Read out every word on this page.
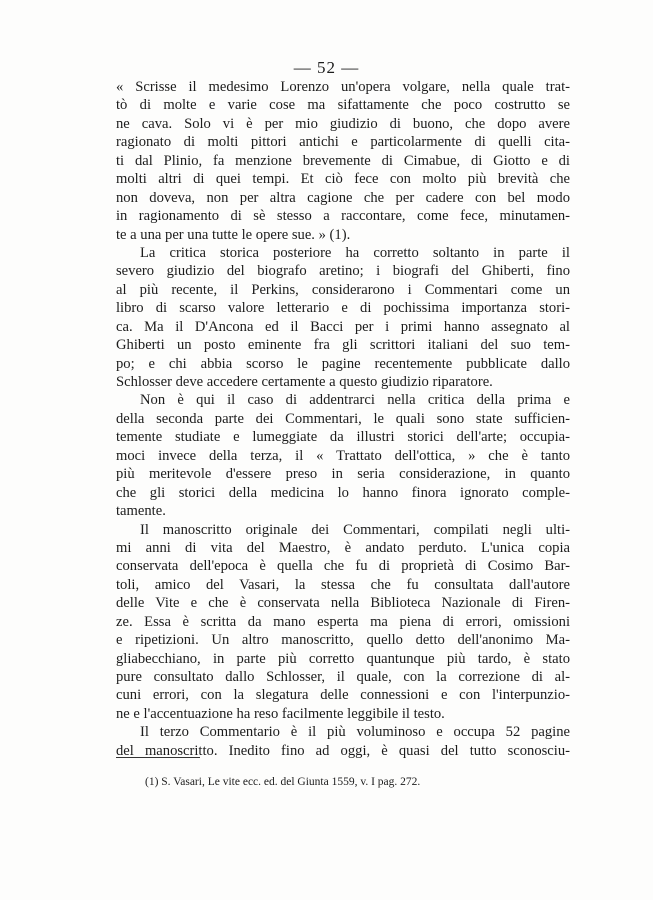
— 52 —
« Scrisse il medesimo Lorenzo un'opera volgare, nella quale trat-
tò di molte e varie cose ma sifattamente che poco costrutto se
ne cava. Solo vi è per mio giudizio di buono, che dopo avere
ragionato di molti pittori antichi e particolarmente di quelli cita-
ti dal Plinio, fa menzione brevemente di Cimabue, di Giotto e di
molti altri di quei tempi. Et ciò fece con molto più brevità che
non doveva, non per altra cagione che per cadere con bel modo
in ragionamento di sè stesso a raccontare, come fece, minutamen-
te a una per una tutte le opere sue. » (1).
La critica storica posteriore ha corretto soltanto in parte il
severo giudizio del biografo aretino; i biografi del Ghiberti, fino
al più recente, il Perkins, considerarono i Commentari come un
libro di scarso valore letterario e di pochissima importanza stori-
ca. Ma il D'Ancona ed il Bacci per i primi hanno assegnato al
Ghiberti un posto eminente fra gli scrittori italiani del suo tem-
po; e chi abbia scorso le pagine recentemente pubblicate dallo
Schlosser deve accedere certamente a questo giudizio riparatore.
Non è qui il caso di addentrarci nella critica della prima e
della seconda parte dei Commentari, le quali sono state sufficien-
temente studiate e lumeggiate da illustri storici dell'arte; occupia-
moci invece della terza, il « Trattato dell'ottica, » che è tanto
più meritevole d'essere preso in seria considerazione, in quanto
che gli storici della medicina lo hanno finora ignorato comple-
tamente.
Il manoscritto originale dei Commentari, compilati negli ulti-
mi anni di vita del Maestro, è andato perduto. L'unica copia
conservata dell'epoca è quella che fu di proprietà di Cosimo Bar-
toli, amico del Vasari, la stessa che fu consultata dall'autore
delle Vite e che è conservata nella Biblioteca Nazionale di Firen-
ze. Essa è scritta da mano esperta ma piena di errori, omissioni
e ripetizioni. Un altro manoscritto, quello detto dell'anonimo Ma-
gliabecchiano, in parte più corretto quantunque più tardo, è stato
pure consultato dallo Schlosser, il quale, con la correzione di al-
cuni errori, con la slegatura delle connessioni e con l'interpunzio-
ne e l'accentuazione ha reso facilmente leggibile il testo.
Il terzo Commentario è il più voluminoso e occupa 52 pagine
del manoscritto. Inedito fino ad oggi, è quasi del tutto sconosciu-
(1) S. Vasari, Le vite ecc. ed. del Giunta 1559, v. I pag. 272.
